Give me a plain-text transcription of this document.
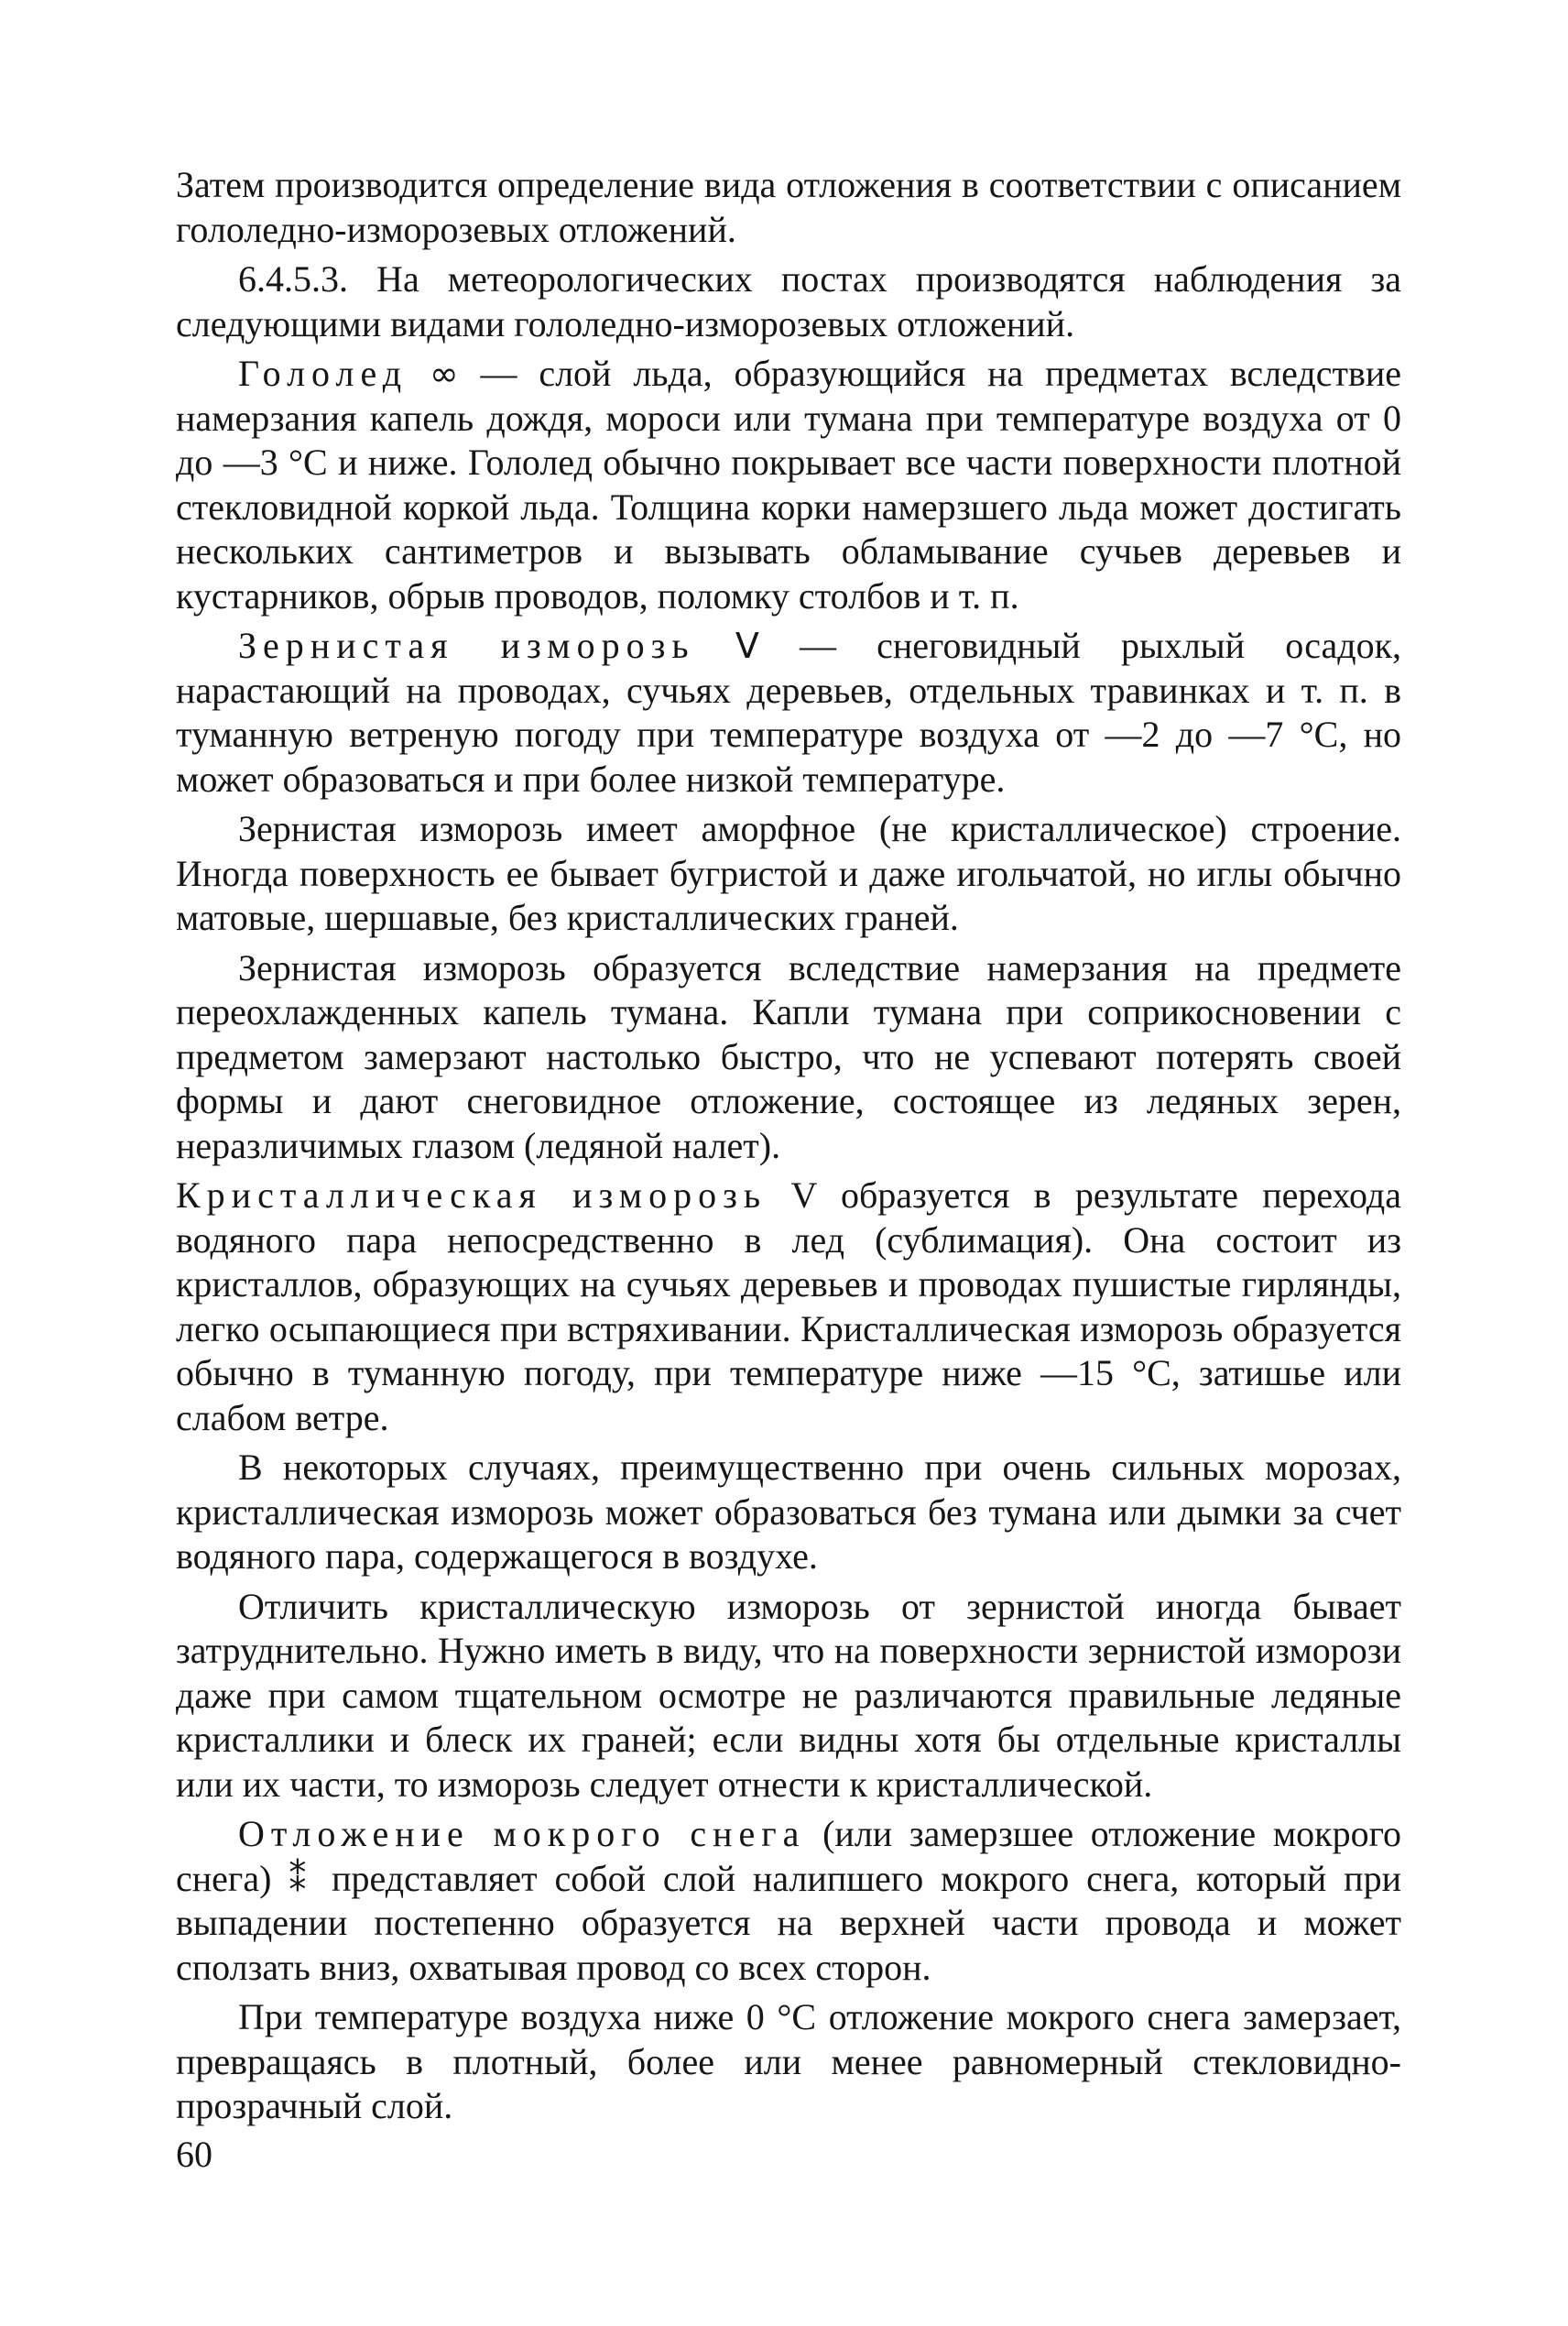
Затем производится определение вида отложения в соответствии с описанием гололедно-изморозевых отложений.

6.4.5.3. На метеорологических постах производятся наблюдения за следующими видами гололедно-изморозевых отложений.

Гололед ∞ — слой льда, образующийся на предметах вследствие намерзания капель дождя, мороси или тумана при температуре воздуха от 0 до —3 °С и ниже. Гололед обычно покрывает все части поверхности плотной стекловидной коркой льда. Толщина корки намерзшего льда может достигать нескольких сантиметров и вызывать обламывание сучьев деревьев и кустарников, обрыв проводов, поломку столбов и т. п.

Зернистая изморозь V — снеговидный рыхлый осадок, нарастающий на проводах, сучьях деревьев, отдельных травинках и т. п. в туманную ветреную погоду при температуре воздуха от —2 до —7 °С, но может образоваться и при более низкой температуре.

Зернистая изморозь имеет аморфное (не кристаллическое) строение. Иногда поверхность ее бывает бугристой и даже игольчатой, но иглы обычно матовые, шершавые, без кристаллических граней.

Зернистая изморозь образуется вследствие намерзания на предмете переохлажденных капель тумана. Капли тумана при соприкосновении с предметом замерзают настолько быстро, что не успевают потерять своей формы и дают снеговидное отложение, состоящее из ледяных зерен, неразличимых глазом (ледяной налет).

Кристаллическая изморозь V образуется в результате перехода водяного пара непосредственно в лед (сублимация). Она состоит из кристаллов, образующих на сучьях деревьев и проводах пушистые гирлянды, легко осыпающиеся при встряхивании. Кристаллическая изморозь образуется обычно в туманную погоду, при температуре ниже —15 °С, затишье или слабом ветре.

В некоторых случаях, преимущественно при очень сильных морозах, кристаллическая изморозь может образоваться без тумана или дымки за счет водяного пара, содержащегося в воздухе.

Отличить кристаллическую изморозь от зернистой иногда бывает затруднительно. Нужно иметь в виду, что на поверхности зернистой изморози даже при самом тщательном осмотре не различаются правильные ледяные кристаллики и блеск их граней; если видны хотя бы отдельные кристаллы или их части, то изморозь следует отнести к кристаллической.

Отложение мокрого снега (или замерзшее отложение мокрого снега) ⁑ представляет собой слой налипшего мокрого снега, который при выпадении постепенно образуется на верхней части провода и может сползать вниз, охватывая провод со всех сторон.

При температуре воздуха ниже 0 °С отложение мокрого снега замерзает, превращаясь в плотный, более или менее равномерный стекловидно-прозрачный слой.

60
